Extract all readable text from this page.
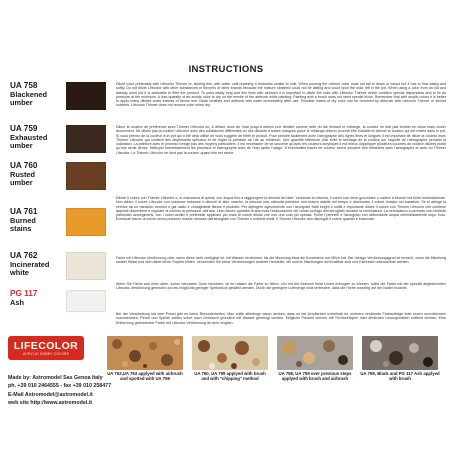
INSTRUCTIONS
UA 758
Blackened
umber
Dilute color preferably with Lifecolor Thinner or, lacking this, with water until reaching a thickness similar to milk. When pouring the mixture color must not fall in drops or lumps but it has to flow easily and softly. Do not dilute Lifecolor with other substances or thinners of other brands because the mixture obtained could not be lasting and could spoil the color left in the pot. When using a color from an old and already used pot it is advisable to filter the product. To paint easily long and thin lines with airbrush it is important to dilute the color with Lifecolor Thinner which contains special dispersants and to fix air pressure at the minimum. A less quantity of air avoids color to dry on the needle of the airbrush while painting. Painting with a brush does not need special tricks. Remember that with acrylic colors it is better to apply many diluted coats instead of dense one Clean brushes and airbrush with water immediately after use. Possible marks of dry color can be removed by airbrush with Lifecolor Thinner or similar solvents. Lifecolor Thinner does not remove color when dry.
UA 759
Exhausted
umber
Diluer la couleur de préférence avec Thinner Lifecolor ou, à défaut, avec de l'eau jusqu'à obtenir une densité comme celle du lait Versant le mélange, la couleur ne doit pas tomber en blocs mais couler doucement. Ne diluez pas la couleur Lifecolor avec des substances différentes ou des diluants d'autres marques parce le mélange obtenu pourrait être instable et abîmer la couleur qui est restée dans le pot. Si vous prenez de la couleur d'un pot qui a été déjà utilisé on vous suggère de filtrer le produit. Pour peindre facilement avec l'aérographe des lignes fines et longues il est important de diluer la couleur avec Thinner Lifecolor qui contient des dispersants spéciaux et de régler la pression de l'air au minimum. Une quantité inférieure d'air évite le séchage de la couleur sur l'aiguille de l'aérographe pendant la coloration. La peinture avec le pinceau n'exige pas des moyens particuliers, il est nécessaire de se souvenir qu'avec les couleurs acryliques il est mieux d'appliquer plusieurs couches de couleur diluées plutôt qu'une seule dense. Nettoyez immédiatement les pinceaux et l'aérographe avec de l'eau après l'usage. D'éventuelles traces de couleur sèche peuvent être éliminées avec l'aérographe et avec du Thinner Lifecolor. Le Thinner Lifecolor ne fond pas la couleur quand elle est sèche.
UA 760
Rusted
umber
Diluire il colore con Thinner Lifecolor o, in mancanza di questi, con acqua fino a raggiungere la densità del latte. Versando la miscela, il colore non deve gocciolare o cadere a blocchi ma fluire morbidamente. Non diluire il colore Lifecolor con sostanze estranee o diluenti di altre marche, la miscela così ottenuta potrebbe non essere stabile nel tempo e deteriorare il colore rimasto nel barattolo. Se si attinge la vernice da un barattolo vecchio e già usato è consigliabile filtrare il prodotto. Per dipingere agevolmente con l'aerografo tratti lunghi e sottili è importante diluire il colore con Thinner Lifecolor che contiene appositi disperdenti e regolare al minimo la pressione dell'aria. Una minore quantità di aria evita l'essiccazione del colore sull'ago dell'aerografo durante la verniciatura. La verniciatura a pennello non richiede particolari accorgimenti, con i colori acrilici è preferibile applicare più mani di colore diluito che non una sola più spessa. Pulire i pennelli e l'aerografo con abbondante acqua immediatamente dopo l'uso. Eventuali tracce di colore secco possono essere rimosse dall'aerografo con Thinner o solventi simili. Il Thinner Lifecolor non discioglie il colore quando è essiccato.
UA 761
Burned
stains
Farbe mit Lifecolor-Verdünnung oder, wenn diese nicht verfügbar ist, mit Wasser verdünnen, bis die Mischung etwa die Konsistenz von Milch hat. Der richtige Verdünnungsgrad ist erreicht, wenn die Mischung sauber fliesst und sich dabei keine Tropfen bilden. Verwenden Sie keine Verdünnungen anderer Hersteller, die solche Mischungen nicht haltbar sind und Farbreste unbrauchbar werden.
UA 762
Incinerated
white
Wenn Sie Farbe aus einer alten, schon benutzten Dose benützen, ist es ratsam die Farbe zu filtern. Um mit der Airbrush feine Linien erzeugen zu können, sollte die Farbe mit der speziell abgestimmten Lifecolor-Verdünnung gemischt und ein möglichst geringer Spritzdruck gewählt werden. Durch die geringere Luftmenge wird verhindert, dass die Farbe vorzeitig auf der Nadel trocknet.
PG 117
Ash
Bei der Verarbeitung mit dem Pinsel gibt es keine Besonderheiten. Man sollte allerdings daran denken, dass es bei Acrylfarben vorteilhaft ist, mehrere verdünnte Farbaufträge statt einem unverdünnten vorzunehmen. Pinsel und Spritze sollten sofort nach Gebrauch gründlich mit Wasser gereinigt werden. Mögliche Flecken können mit Trichlorethylen oder ähnlichen Lösungsmitteln entfernt werden. Eine Entfernung getrockneter Farbe mit Lifecolor-Verdünnung ist nicht möglich.
LIFECOLOR
ACRYLIC HOBBY COLORS
Made by: Astromodel Sas Genoa Italy
ph. +39 010 2464555 - fax +39 010 258477
E-Mail Astromodel@astromodel.it
web site http://www.astromodel.it
UA 762,UA 763 applyed with airbrush and spotted with UA 759
UA 760, UA 759 applyed with brush and with "chipping" method
UA 758, UA 759 over previous steps applyed with brush and airbrush
UA 759, Black and PG 117 Ash applyed with brush
